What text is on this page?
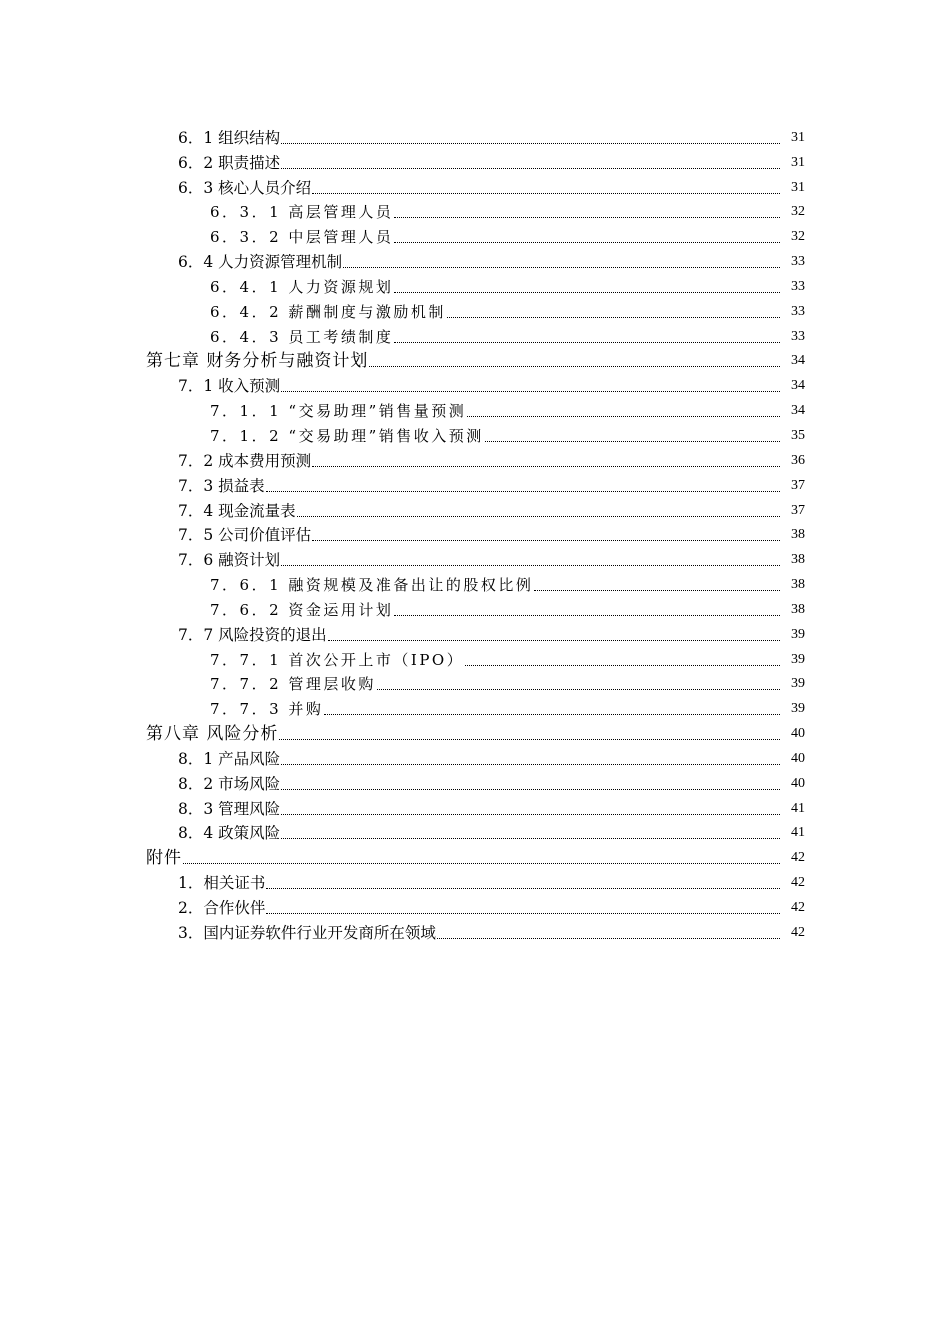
6．1 组织结构	31
6．2 职责描述	31
6．3 核心人员介绍	31
6．3．1 高层管理人员	32
6．3．2 中层管理人员	32
6．4 人力资源管理机制	33
6．4．1 人力资源规划	33
6．4．2 薪酬制度与激励机制	33
6．4．3 员工考绩制度	33
第七章 财务分析与融资计划	34
7．1 收入预测	34
7．1．1 “交易助理”销售量预测	34
7．1．2 “交易助理”销售收入预测	35
7．2 成本费用预测	36
7．3 损益表	37
7．4 现金流量表	37
7．5 公司价值评估	38
7．6 融资计划	38
7．6．1 融资规模及准备出让的股权比例	38
7．6．2 资金运用计划	38
7．7 风险投资的退出	39
7．7．1 首次公开上市（IPO）	39
7．7．2 管理层收购	39
7．7．3 并购	39
第八章 风险分析	40
8．1 产品风险	40
8．2 市场风险	40
8．3 管理风险	41
8．4 政策风险	41
附件	42
1．相关证书	42
2．合作伙伴	42
3．国内证券软件行业开发商所在领域	42
